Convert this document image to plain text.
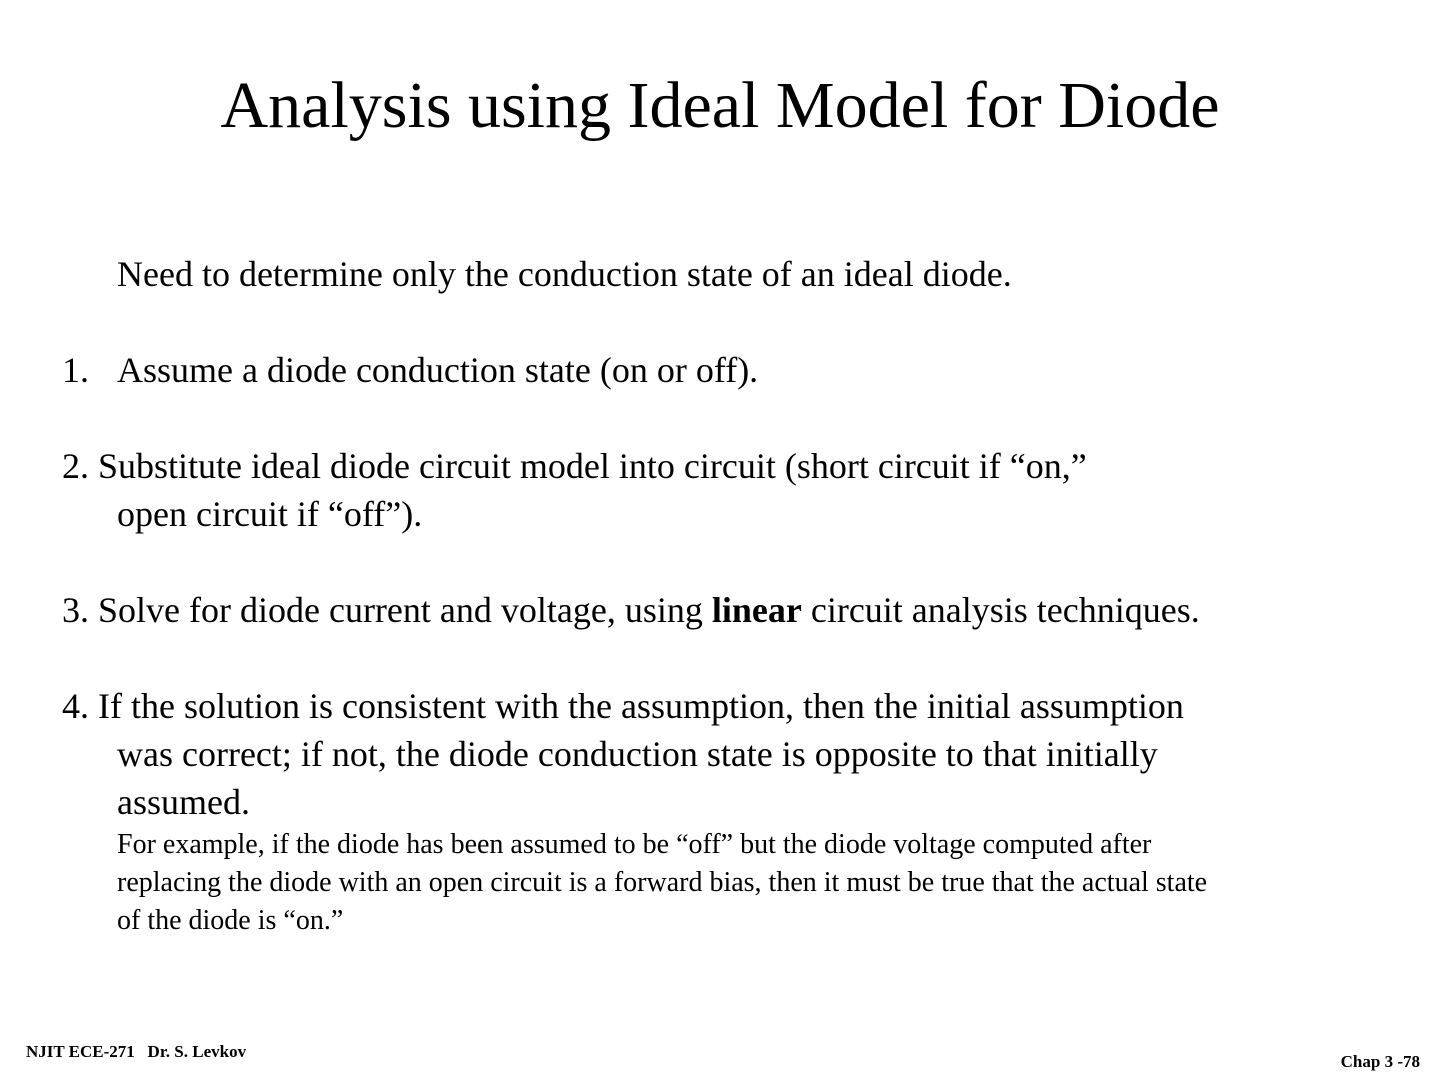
Analysis using Ideal Model for Diode
Need to determine only the conduction state of an ideal diode.
1. Assume a diode conduction state (on or off).
2. Substitute ideal diode circuit model into circuit (short circuit if “on,”
open circuit if “off”).
3. Solve for diode current and voltage, using linear circuit analysis techniques.
4. If the solution is consistent with the assumption, then the initial assumption
was correct; if not, the diode conduction state is opposite to that initially
assumed.
For example, if the diode has been assumed to be “off” but the diode voltage computed after
replacing the diode with an open circuit is a forward bias, then it must be true that the actual state
of the diode is “on.”
NJIT ECE-271   Dr. S. Levkov
Chap 3 -78
